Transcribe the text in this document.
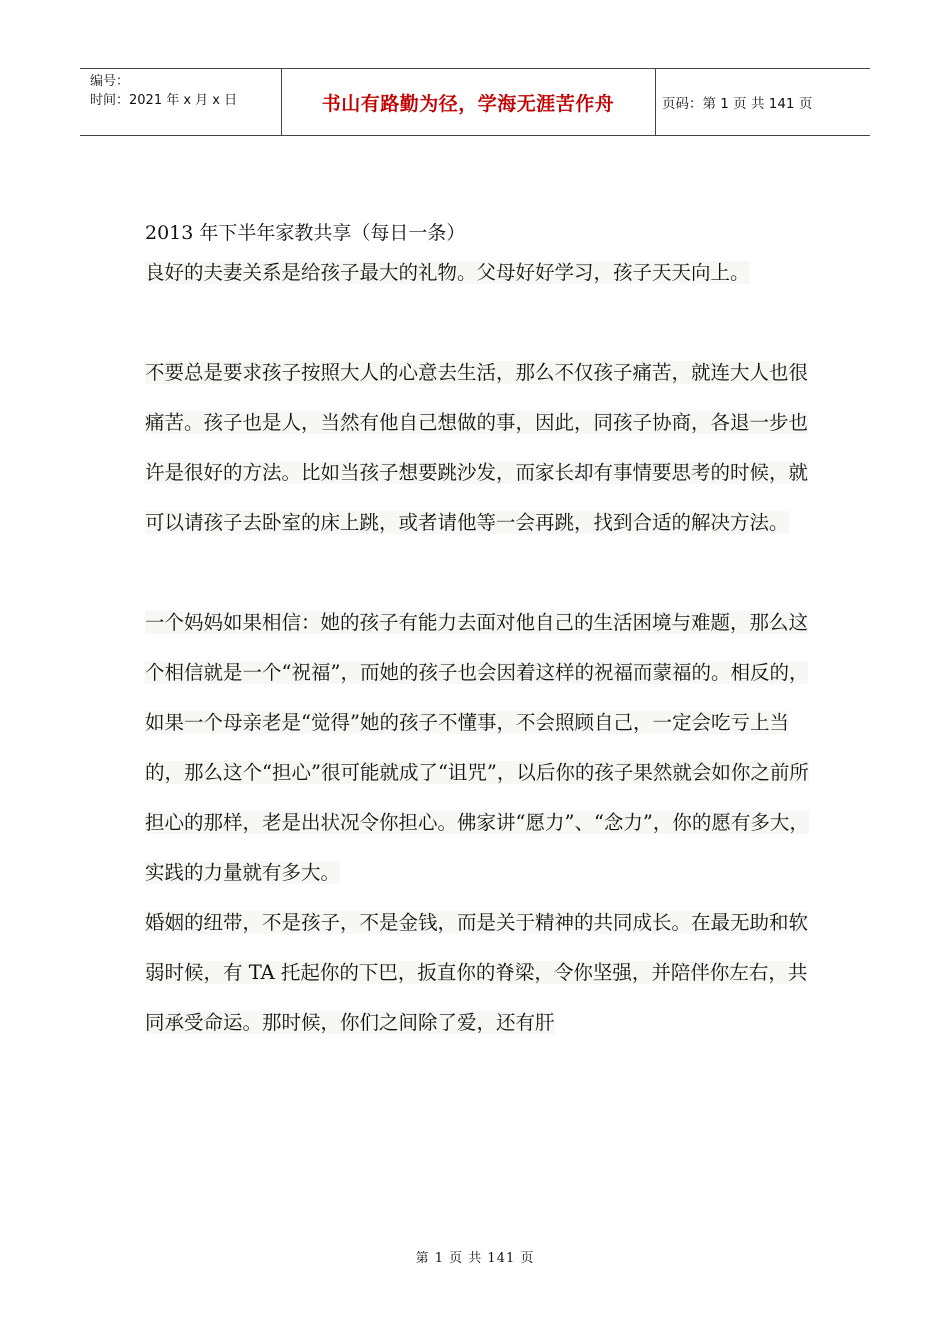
编号：
时间：2021 年 x 月 x 日	书山有路勤为径，学海无涯苦作舟	页码：第 1 页 共 141 页

2013 年下半年家教共享（每日一条）

良好的夫妻关系是给孩子最大的礼物。父母好好学习，孩子天天向上。

不要总是要求孩子按照大人的心意去生活，那么不仅孩子痛苦，就连大人也很痛苦。孩子也是人，当然有他自己想做的事，因此，同孩子协商，各退一步也许是很好的方法。比如当孩子想要跳沙发，而家长却有事情要思考的时候，就可以请孩子去卧室的床上跳，或者请他等一会再跳，找到合适的解决方法。

一个妈妈如果相信：她的孩子有能力去面对他自己的生活困境与难题，那么这个相信就是一个“祝福”，而她的孩子也会因着这样的祝福而蒙福的。相反的，如果一个母亲老是“觉得”她的孩子不懂事，不会照顾自己，一定会吃亏上当的，那么这个“担心”很可能就成了“诅咒”，以后你的孩子果然就会如你之前所担心的那样，老是出状况令你担心。佛家讲“愿力”、“念力”，你的愿有多大，实践的力量就有多大。

婚姻的纽带，不是孩子，不是金钱，而是关于精神的共同成长。在最无助和软弱时候，有 TA 托起你的下巴，扳直你的脊梁，令你坚强，并陪伴你左右，共同承受命运。那时候，你们之间除了爱，还有肝

第 1 页 共 141 页
